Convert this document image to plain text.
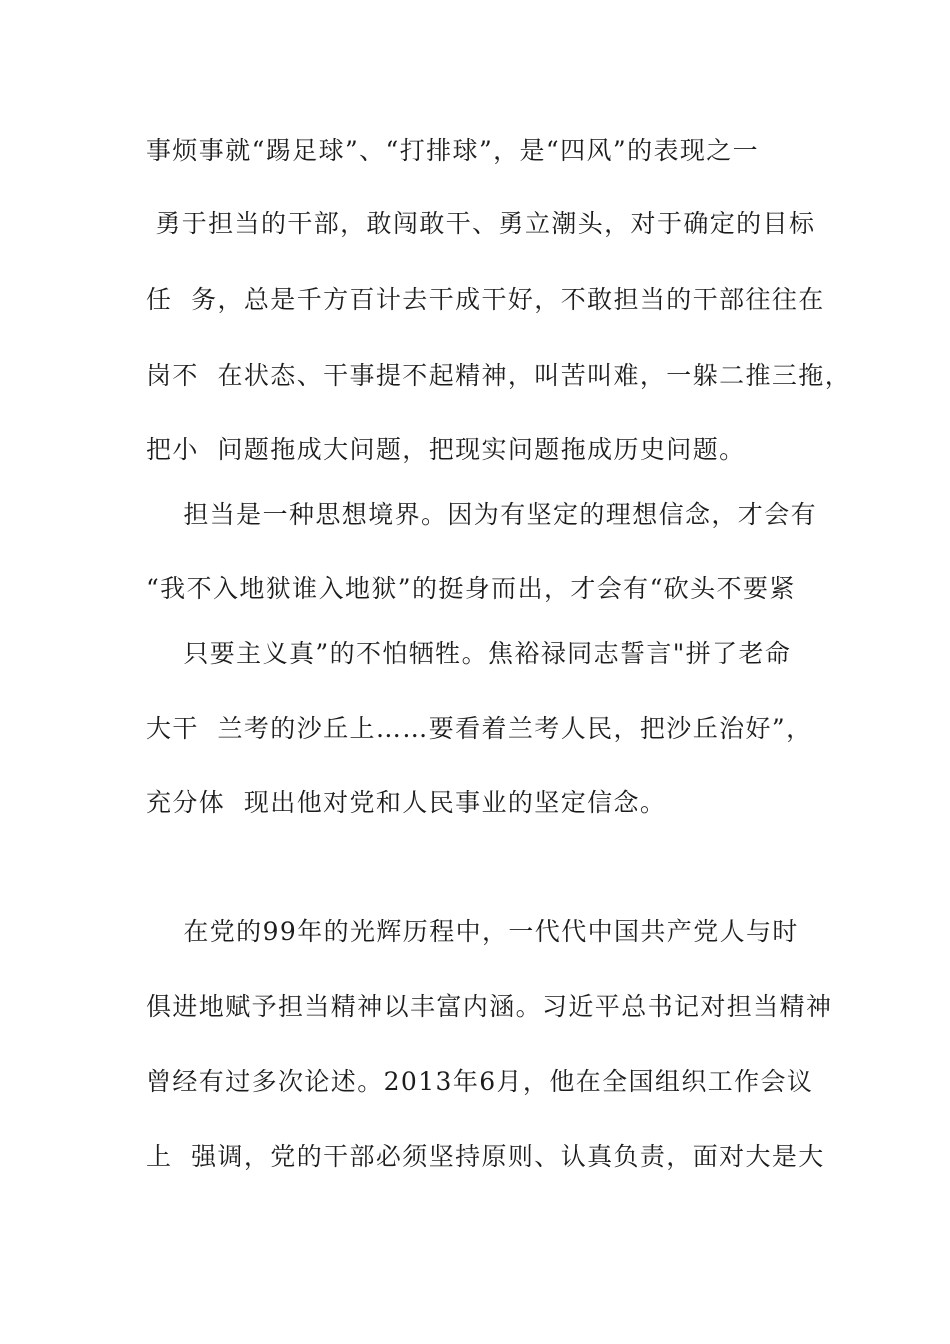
事烦事就“踢足球”、“打排球”，是“四风”的表现之一
勇于担当的干部，敢闯敢干、勇立潮头，对于确定的目标
任  务，总是千方百计去干成干好，不敢担当的干部往往在
岗不  在状态、干事提不起精神，叫苦叫难，一躲二推三拖，
把小  问题拖成大问题，把现实问题拖成历史问题。
担当是一种思想境界。因为有坚定的理想信念，才会有
“我不入地狱谁入地狱”的挺身而出，才会有“砍头不要紧
只要主义真”的不怕牺牲。焦裕禄同志誓言"拼了老命
大干  兰考的沙丘上……要看着兰考人民，把沙丘治好”，
充分体  现出他对党和人民事业的坚定信念。
在党的99年的光辉历程中，一代代中国共产党人与时
俱进地赋予担当精神以丰富内涵。习近平总书记对担当精神
曾经有过多次论述。2013年6月，他在全国组织工作会议
上  强调，党的干部必须坚持原则、认真负责，面对大是大
